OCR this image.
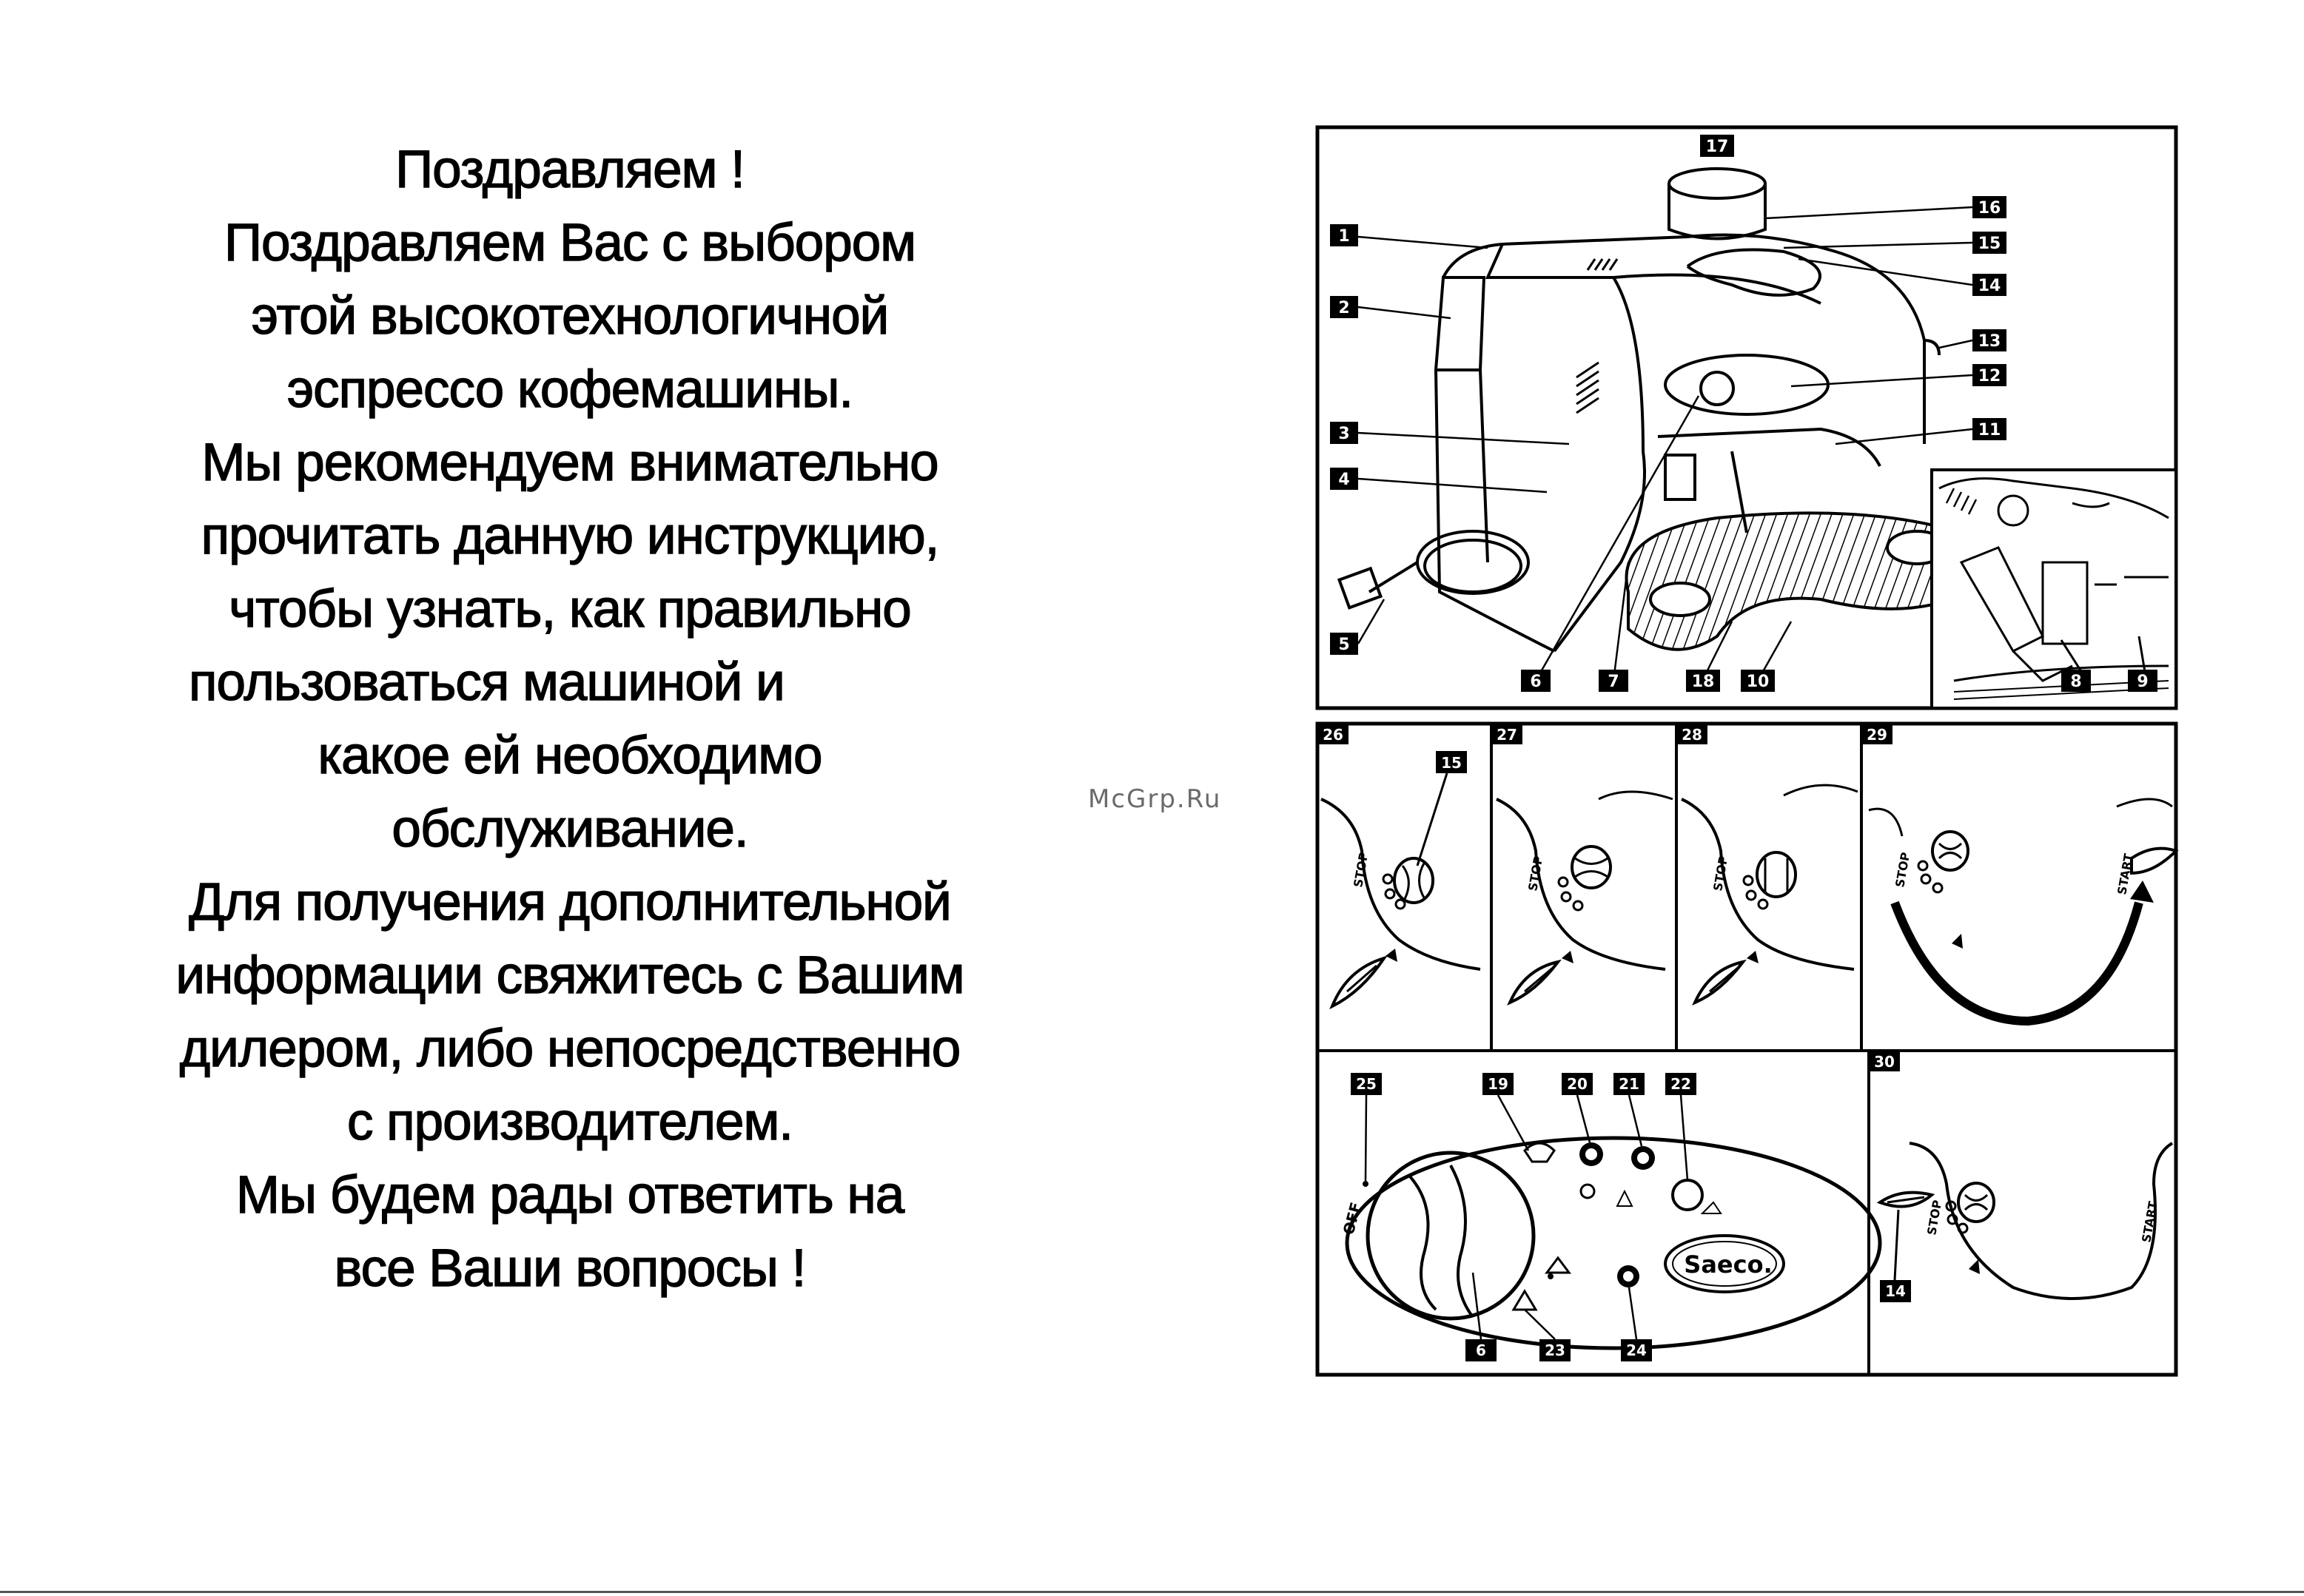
Поздравляем !
Поздравляем Вас с выбором
этой высокотехнологичной
эспрессо кофемашины.
Мы рекомендуем внимательно
прочитать данную инструкцию,
чтобы узнать, как правильно
пользоваться машиной и
какое ей необходимо
обслуживание.
Для получения дополнительной
информации свяжитесь с Вашим
дилером, либо непосредственно
с производителем.
Мы будем рады ответить на
все Ваши вопросы !
McGrp.Ru
1
2
3
4
5
6	7	18 10
11
12
13
14
15
16
17
8	9
26
STOP
15
27
STOP
28
STOP
29
STOP	START
OFF
Saeco.
25	19	20 21 22
6	23	24
30
STOP	START
14
